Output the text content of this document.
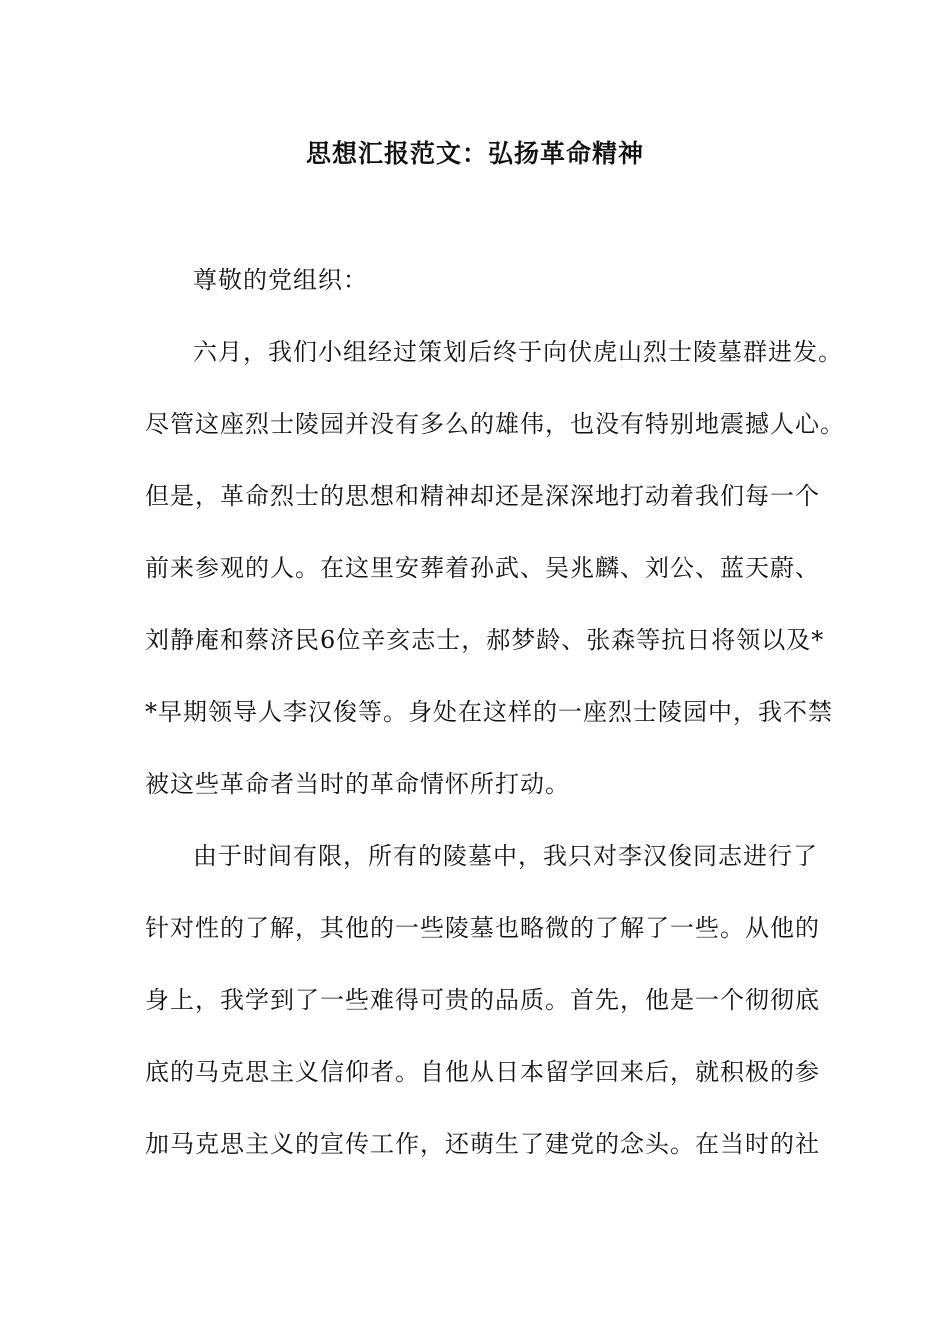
思想汇报范文：弘扬革命精神
尊敬的党组织：
六月，我们小组经过策划后终于向伏虎山烈士陵墓群进发。
尽管这座烈士陵园并没有多么的雄伟，也没有特别地震撼人心。
但是，革命烈士的思想和精神却还是深深地打动着我们每一个
前来参观的人。在这里安葬着孙武、吴兆麟、刘公、蓝天蔚、
刘静庵和蔡济民6位辛亥志士，郝梦龄、张森等抗日将领以及*
*早期领导人李汉俊等。身处在这样的一座烈士陵园中，我不禁
被这些革命者当时的革命情怀所打动。
由于时间有限，所有的陵墓中，我只对李汉俊同志进行了
针对性的了解，其他的一些陵墓也略微的了解了一些。从他的
身上，我学到了一些难得可贵的品质。首先，他是一个彻彻底
底的马克思主义信仰者。自他从日本留学回来后，就积极的参
加马克思主义的宣传工作，还萌生了建党的念头。在当时的社
